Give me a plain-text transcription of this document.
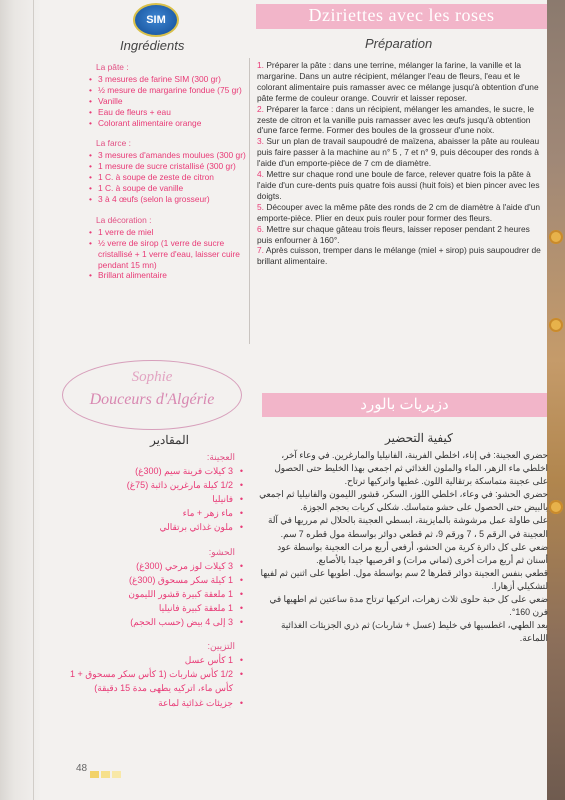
SIM	Dziriettes avec les roses
Ingrédients	Préparation
La pâte :
• 3 mesures de farine SIM (300 gr)
• ½ mesure de margarine fondue (75 gr)
• Vanille
• Eau de fleurs + eau
• Colorant alimentaire orange
La farce :
• 3 mesures d'amandes moulues (300 gr)
• 1 mesure de sucre cristallisé (300 gr)
• 1 C. à soupe de zeste de citron
• 1 C. à soupe de vanille
• 3 à 4 œufs (selon la grosseur)
La décoration :
• 1 verre de miel
• ½ verre de sirop (1 verre de sucre cristallisé + 1 verre d'eau, laisser cuire pendant 15 mn)
• Brillant alimentaire

1. Préparer la pâte : dans une terrine, mélanger la farine, la vanille et la margarine. Dans un autre récipient, mélanger l'eau de fleurs, l'eau et le colorant alimentaire puis ramasser avec ce mélange jusqu'à obtention d'une pâte ferme de couleur orange. Couvrir et laisser reposer.

2. Préparer la farce : dans un récipient, mélanger les amandes, le sucre, le zeste de citron et la vanille puis ramasser avec les œufs jusqu'à obtention d'une farce ferme. Former des boules de la grosseur d'une noix.

3. Sur un plan de travail saupoudré de maïzena, abaisser la pâte au rouleau puis faire passer à la machine au n° 5 , 7 et n° 9, puis découper des ronds à l'aide d'un emporte-pièce de 7 cm de diamètre.

4. Mettre sur chaque rond une boule de farce, relever quatre fois la pâte à l'aide d'un cure-dents puis quatre fois aussi (huit fois) et bien pincer avec les doigts.

5. Découper avec la même pâte des ronds de 2 cm de diamètre à l'aide d'un emporte-pièce. Plier en deux puis rouler pour former des fleurs.

6. Mettre sur chaque gâteau trois fleurs, laisser reposer pendant 2 heures puis enfourner à 160°.

7. Après cuisson, tremper dans le mélange (miel + sirop) puis saupoudrer de brillant alimentaire.

Sophie
Douceurs d'Algérie	دزيريات بالورد
المقادير	كيفية التحضير
العجينة:
• 3 كيلات فرينة سيم (300غ)
• 1/2 كيلة مارغرين ذائبة (75غ)
• فانيليا
• ماء زهر + ماء
• ملون غذائي برتقالي
الحشو:
• 3 كيلات لوز مرحي (300غ)
• 1 كيلة سكر مسحوق (300غ)
• 1 ملعقة كبيرة قشور الليمون
• 1 ملعقة كبيرة فانيليا
• 3 إلى 4 بيض (حسب الحجم)
التزيين:
• 1 كأس عسل
• 1/2 كأس شاربات (1 كأس سكر مسحوق + 1 كأس ماء، اتركيه يطهى مدة 15 دقيقة)
• جزيئات غذائية لماعة
حضري العجينة: في إناء، اخلطي الفرينة، الفانيليا والمارغرين. في وعاء آخر، اخلطي ماء الزهر، الماء والملون الغذائي ثم اجمعي بهذا الخليط حتى الحصول على عجينة متماسكة برتقالية اللون. غطيها واتركيها ترتاح.
حضري الحشو: في وعاء، اخلطي اللوز، السكر، قشور الليمون والفانيليا ثم اجمعي بالبيض حتى الحصول على حشو متماسك. شكلي كريات بحجم الجوزة.
على طاولة عمل مرشوشة بالمايزينة، ابسطي العجينة بالحلال ثم مرريها في آلة العجينة في الرقم 5 ، 7 ورقم 9، ثم قطعي دوائر بواسطة مول قطره 7 سم.
ضعي على كل دائرة كرية من الحشو، أرفعي أربع مرات العجينة بواسطة عود أسنان ثم أربع مرات أخرى (ثماني مرات) و اقرصيها جيدا بالأصابع.
قطعي بنفس العجينة دوائر قطرها 2 سم بواسطة مول. اطويها على اثنين ثم لفيها لتشكيلي أزهارا.
ضعي على كل حبة حلوى ثلاث زهرات، اتركيها ترتاح مدة ساعتين ثم اطهيها في فرن 160°.
بعد الطهي، اغطسيها في خليط (عسل + شاربات) ثم ذري الجزيئات الغذائية اللماعة.
48
